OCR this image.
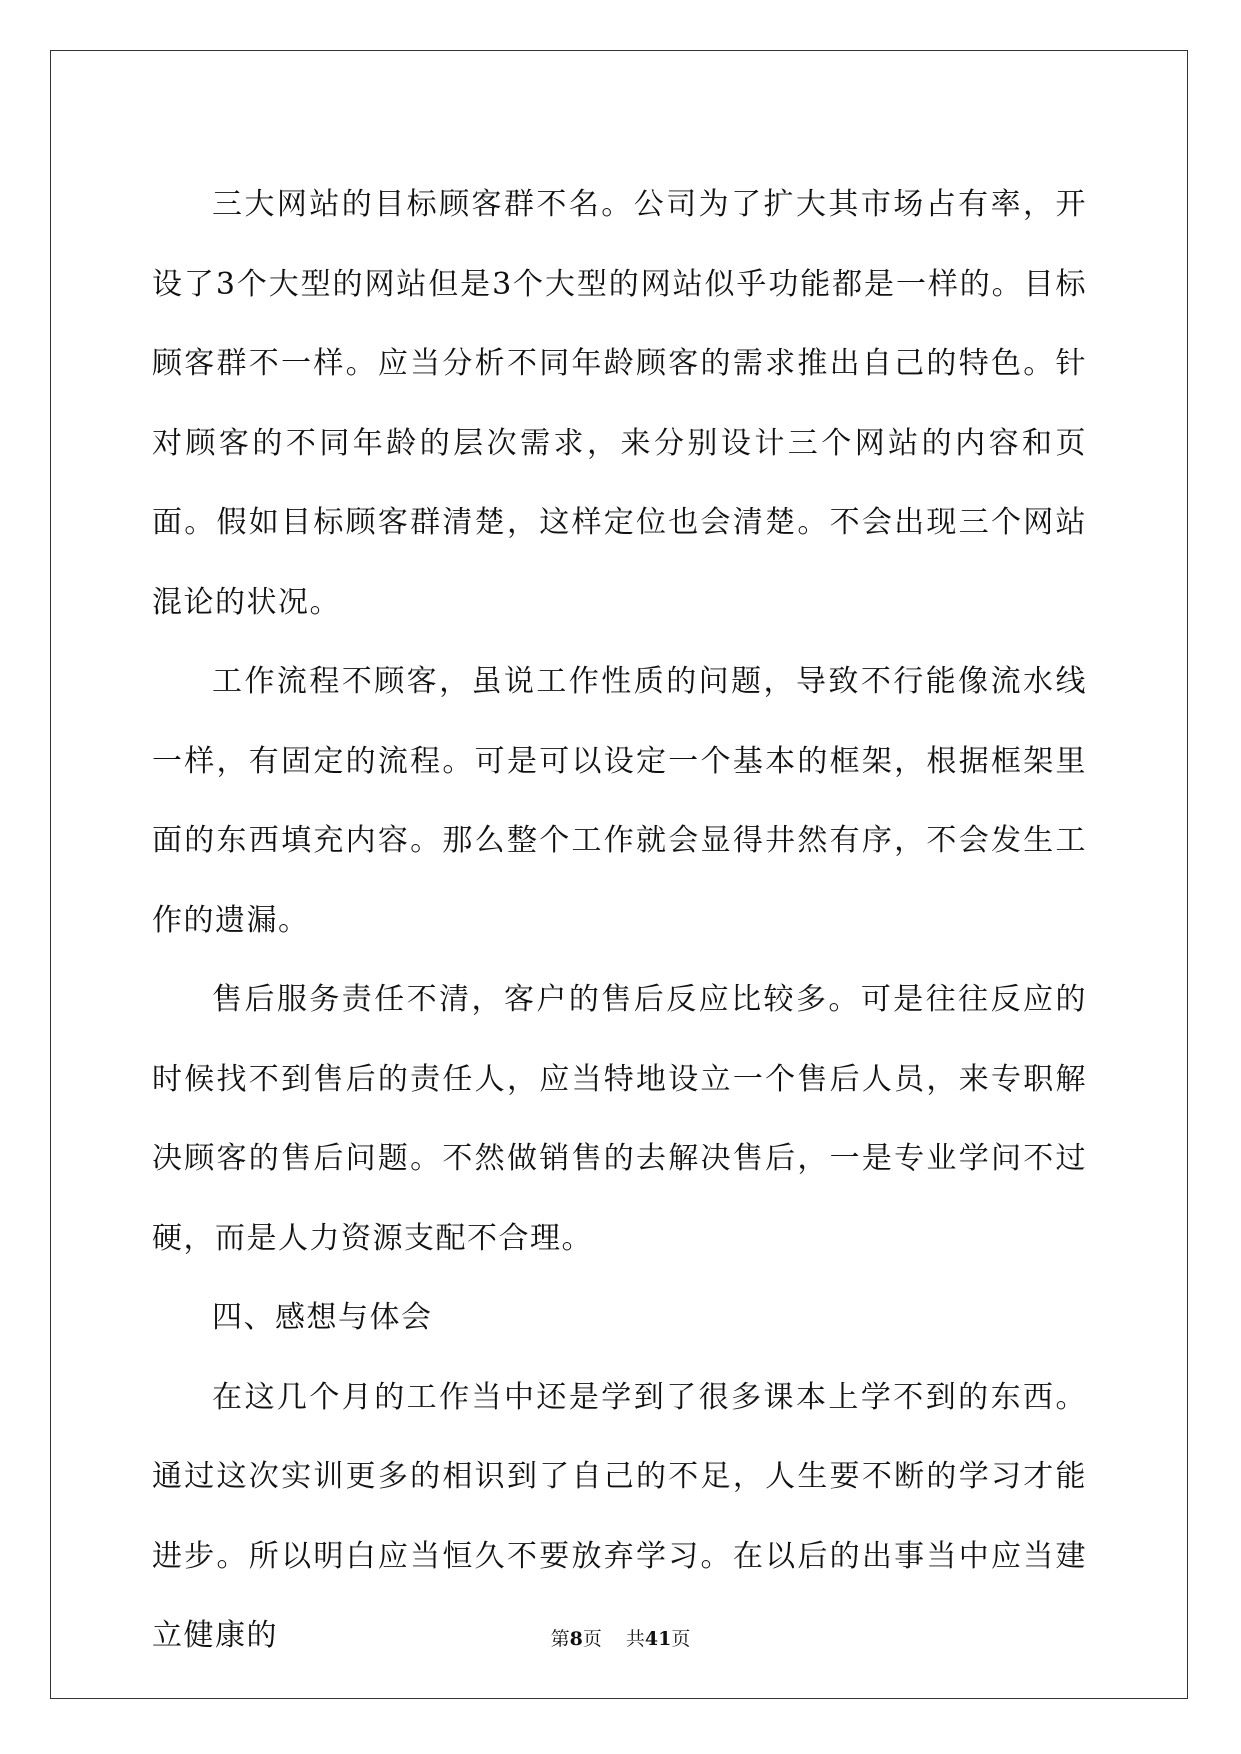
三大网站的目标顾客群不名。公司为了扩大其市场占有率，开设了3个大型的网站但是3个大型的网站似乎功能都是一样的。目标顾客群不一样。应当分析不同年龄顾客的需求推出自己的特色。针对顾客的不同年龄的层次需求，来分别设计三个网站的内容和页面。假如目标顾客群清楚，这样定位也会清楚。不会出现三个网站混论的状况。

工作流程不顾客，虽说工作性质的问题，导致不行能像流水线一样，有固定的流程。可是可以设定一个基本的框架，根据框架里面的东西填充内容。那么整个工作就会显得井然有序，不会发生工作的遗漏。

售后服务责任不清，客户的售后反应比较多。可是往往反应的时候找不到售后的责任人，应当特地设立一个售后人员，来专职解决顾客的售后问题。不然做销售的去解决售后，一是专业学问不过硬，而是人力资源支配不合理。

四、感想与体会

在这几个月的工作当中还是学到了很多课本上学不到的东西。通过这次实训更多的相识到了自己的不足，人生要不断的学习才能进步。所以明白应当恒久不要放弃学习。在以后的出事当中应当建立健康的	第8页 共41页
